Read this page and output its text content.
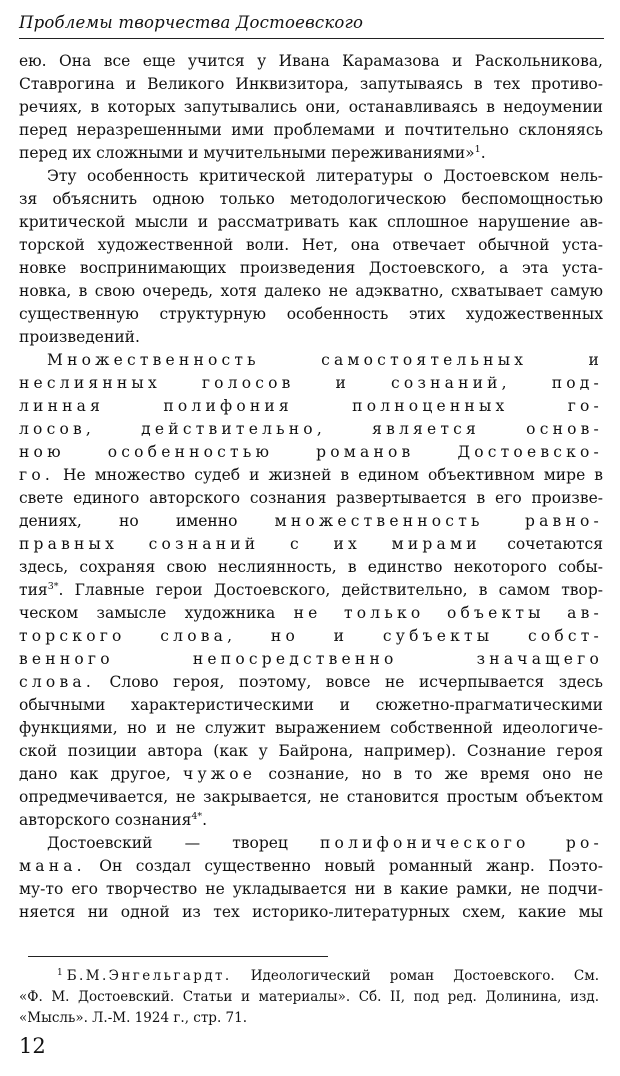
Проблемы творчества Достоевского
ею. Она все еще учится у Ивана Карамазова и Раскольникова,
Ставрогина и Великого Инквизитора, запутываясь в тех противо-
речиях, в которых запутывались они, останавливаясь в недоумении
перед неразрешенными ими проблемами и почтительно склоняясь
перед их сложными и мучительными переживаниями»$^1$.
Эту особенность критической литературы о Достоевском нель-
зя объяснить одною только методологическою беспомощностью
критической мысли и рассматривать как сплошное нарушение ав-
торской художественной воли. Нет, она отвечает обычной уста-
новке воспринимающих произведения Достоевского, а эта уста-
новка, в свою очередь, хотя далеко не адэкватно, схватывает самую
существенную структурную особенность этих художественных
произведений.
Множественность самостоятельных и
неслиянных голосов и сознаний, под-
линная полифония полноценных го-
лосов, действительно, является основ-
ною особенностью романов Достоевско-
го. Не множество судеб и жизней в едином объективном мире в
свете единого авторского сознания развертывается в его произве-
дениях, но именно множественность равно-
правных сознаний с их мирами сочетаются
здесь, сохраняя свою неслиянность, в единство некоторого собы-
тия$^{3*}$. Главные герои Достоевского, действительно, в самом твор-
ческом замысле художника не только объекты ав-
торского слова, но и субъекты собст-
венного непосредственно значащего
слова. Слово героя, поэтому, вовсе не исчерпывается здесь
обычными характеристическими и сюжетно-прагматическими
функциями, но и не служит выражением собственной идеологиче-
ской позиции автора (как у Байрона, например). Сознание героя
дано как другое, чужое сознание, но в то же время оно не
опредмечивается, не закрывается, не становится простым объектом
авторского сознания$^{4*}$.
Достоевский — творец полифонического ро-
мана. Он создал существенно новый романный жанр. Поэто-
му-то его творчество не укладывается ни в какие рамки, не подчи-
няется ни одной из тех историко-литературных схем, какие мы
$^1$ Б.М.Энгельгардт. Идеологический роман Достоевского. См.
«Ф. М. Достоевский. Статьи и материалы». Сб. II, под ред. Долинина, изд.
«Мысль». Л.-М. 1924 г., стр. 71.
12
